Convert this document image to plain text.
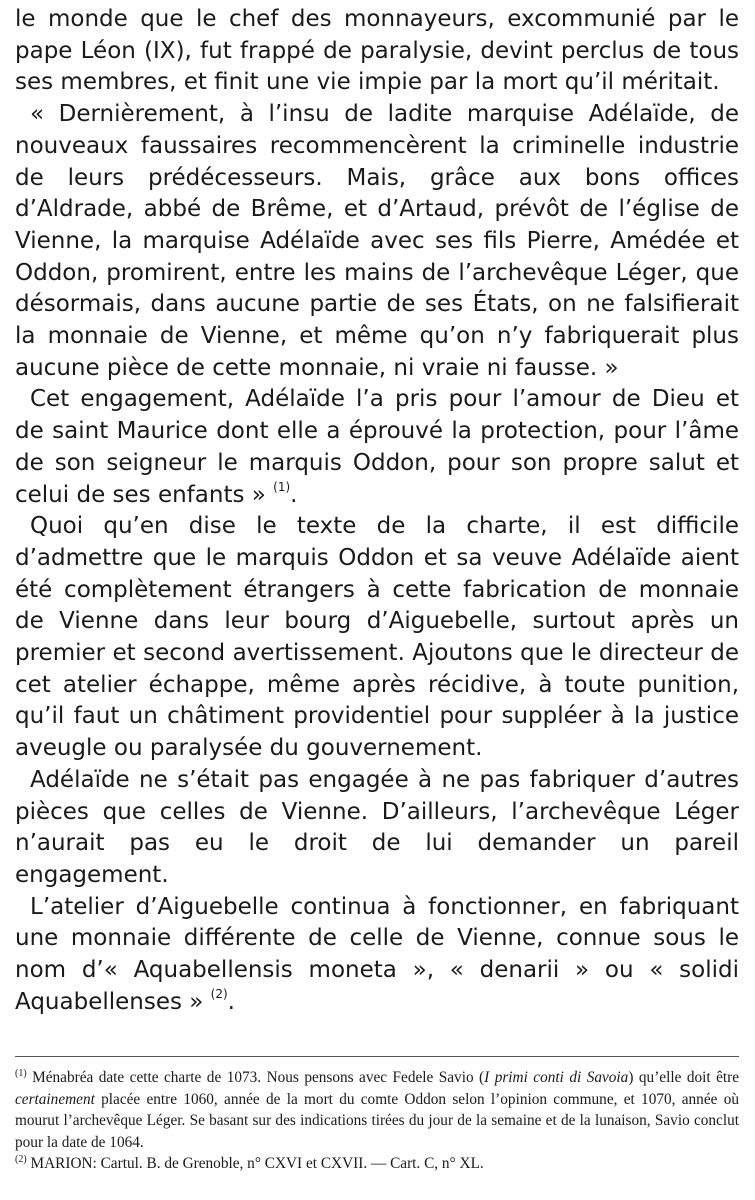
le monde que le chef des monnayeurs, excommunié par le pape Léon (IX), fut frappé de paralysie, devint perclus de tous ses membres, et finit une vie impie par la mort qu’il méritait.

« Dernièrement, à l’insu de ladite marquise Adélaïde, de nouveaux faussaires recommencèrent la criminelle industrie de leurs prédécesseurs. Mais, grâce aux bons offices d’Aldrade, abbé de Brême, et d’Artaud, prévôt de l’église de Vienne, la marquise Adélaïde avec ses fils Pierre, Amédée et Oddon, promirent, entre les mains de l’archevêque Léger, que désormais, dans aucune partie de ses États, on ne falsifierait la monnaie de Vienne, et même qu’on n’y fabriquerait plus aucune pièce de cette monnaie, ni vraie ni fausse. »

Cet engagement, Adélaïde l’a pris pour l’amour de Dieu et de saint Maurice dont elle a éprouvé la protection, pour l’âme de son seigneur le marquis Oddon, pour son propre salut et celui de ses enfants » $^{(1)}$.

Quoi qu’en dise le texte de la charte, il est difficile d’admettre que le marquis Oddon et sa veuve Adélaïde aient été complètement étrangers à cette fabrication de monnaie de Vienne dans leur bourg d’Aiguebelle, surtout après un premier et second avertissement. Ajoutons que le directeur de cet atelier échappe, même après récidive, à toute punition, qu’il faut un châtiment providentiel pour suppléer à la justice aveugle ou paralysée du gouvernement.

Adélaïde ne s’était pas engagée à ne pas fabriquer d’autres pièces que celles de Vienne. D’ailleurs, l’archevêque Léger n’aurait pas eu le droit de lui demander un pareil engagement.

L’atelier d’Aiguebelle continua à fonctionner, en fabriquant une monnaie différente de celle de Vienne, connue sous le nom d’« Aquabellensis moneta », « denarii » ou « solidi Aquabellenses » $^{(2)}$.

$^{(1)}$ Ménabréa date cette charte de 1073. Nous pensons avec Fedele Savio (I primi conti di Savoia) qu’elle doit être certainement placée entre 1060, année de la mort du comte Oddon selon l’opinion commune, et 1070, année où mourut l’archevêque Léger. Se basant sur des indications tirées du jour de la semaine et de la lunaison, Savio conclut pour la date de 1064.

$^{(2)}$ MARION: Cartul. B. de Grenoble, n° CXVI et CXVII. — Cart. C, n° XL.
